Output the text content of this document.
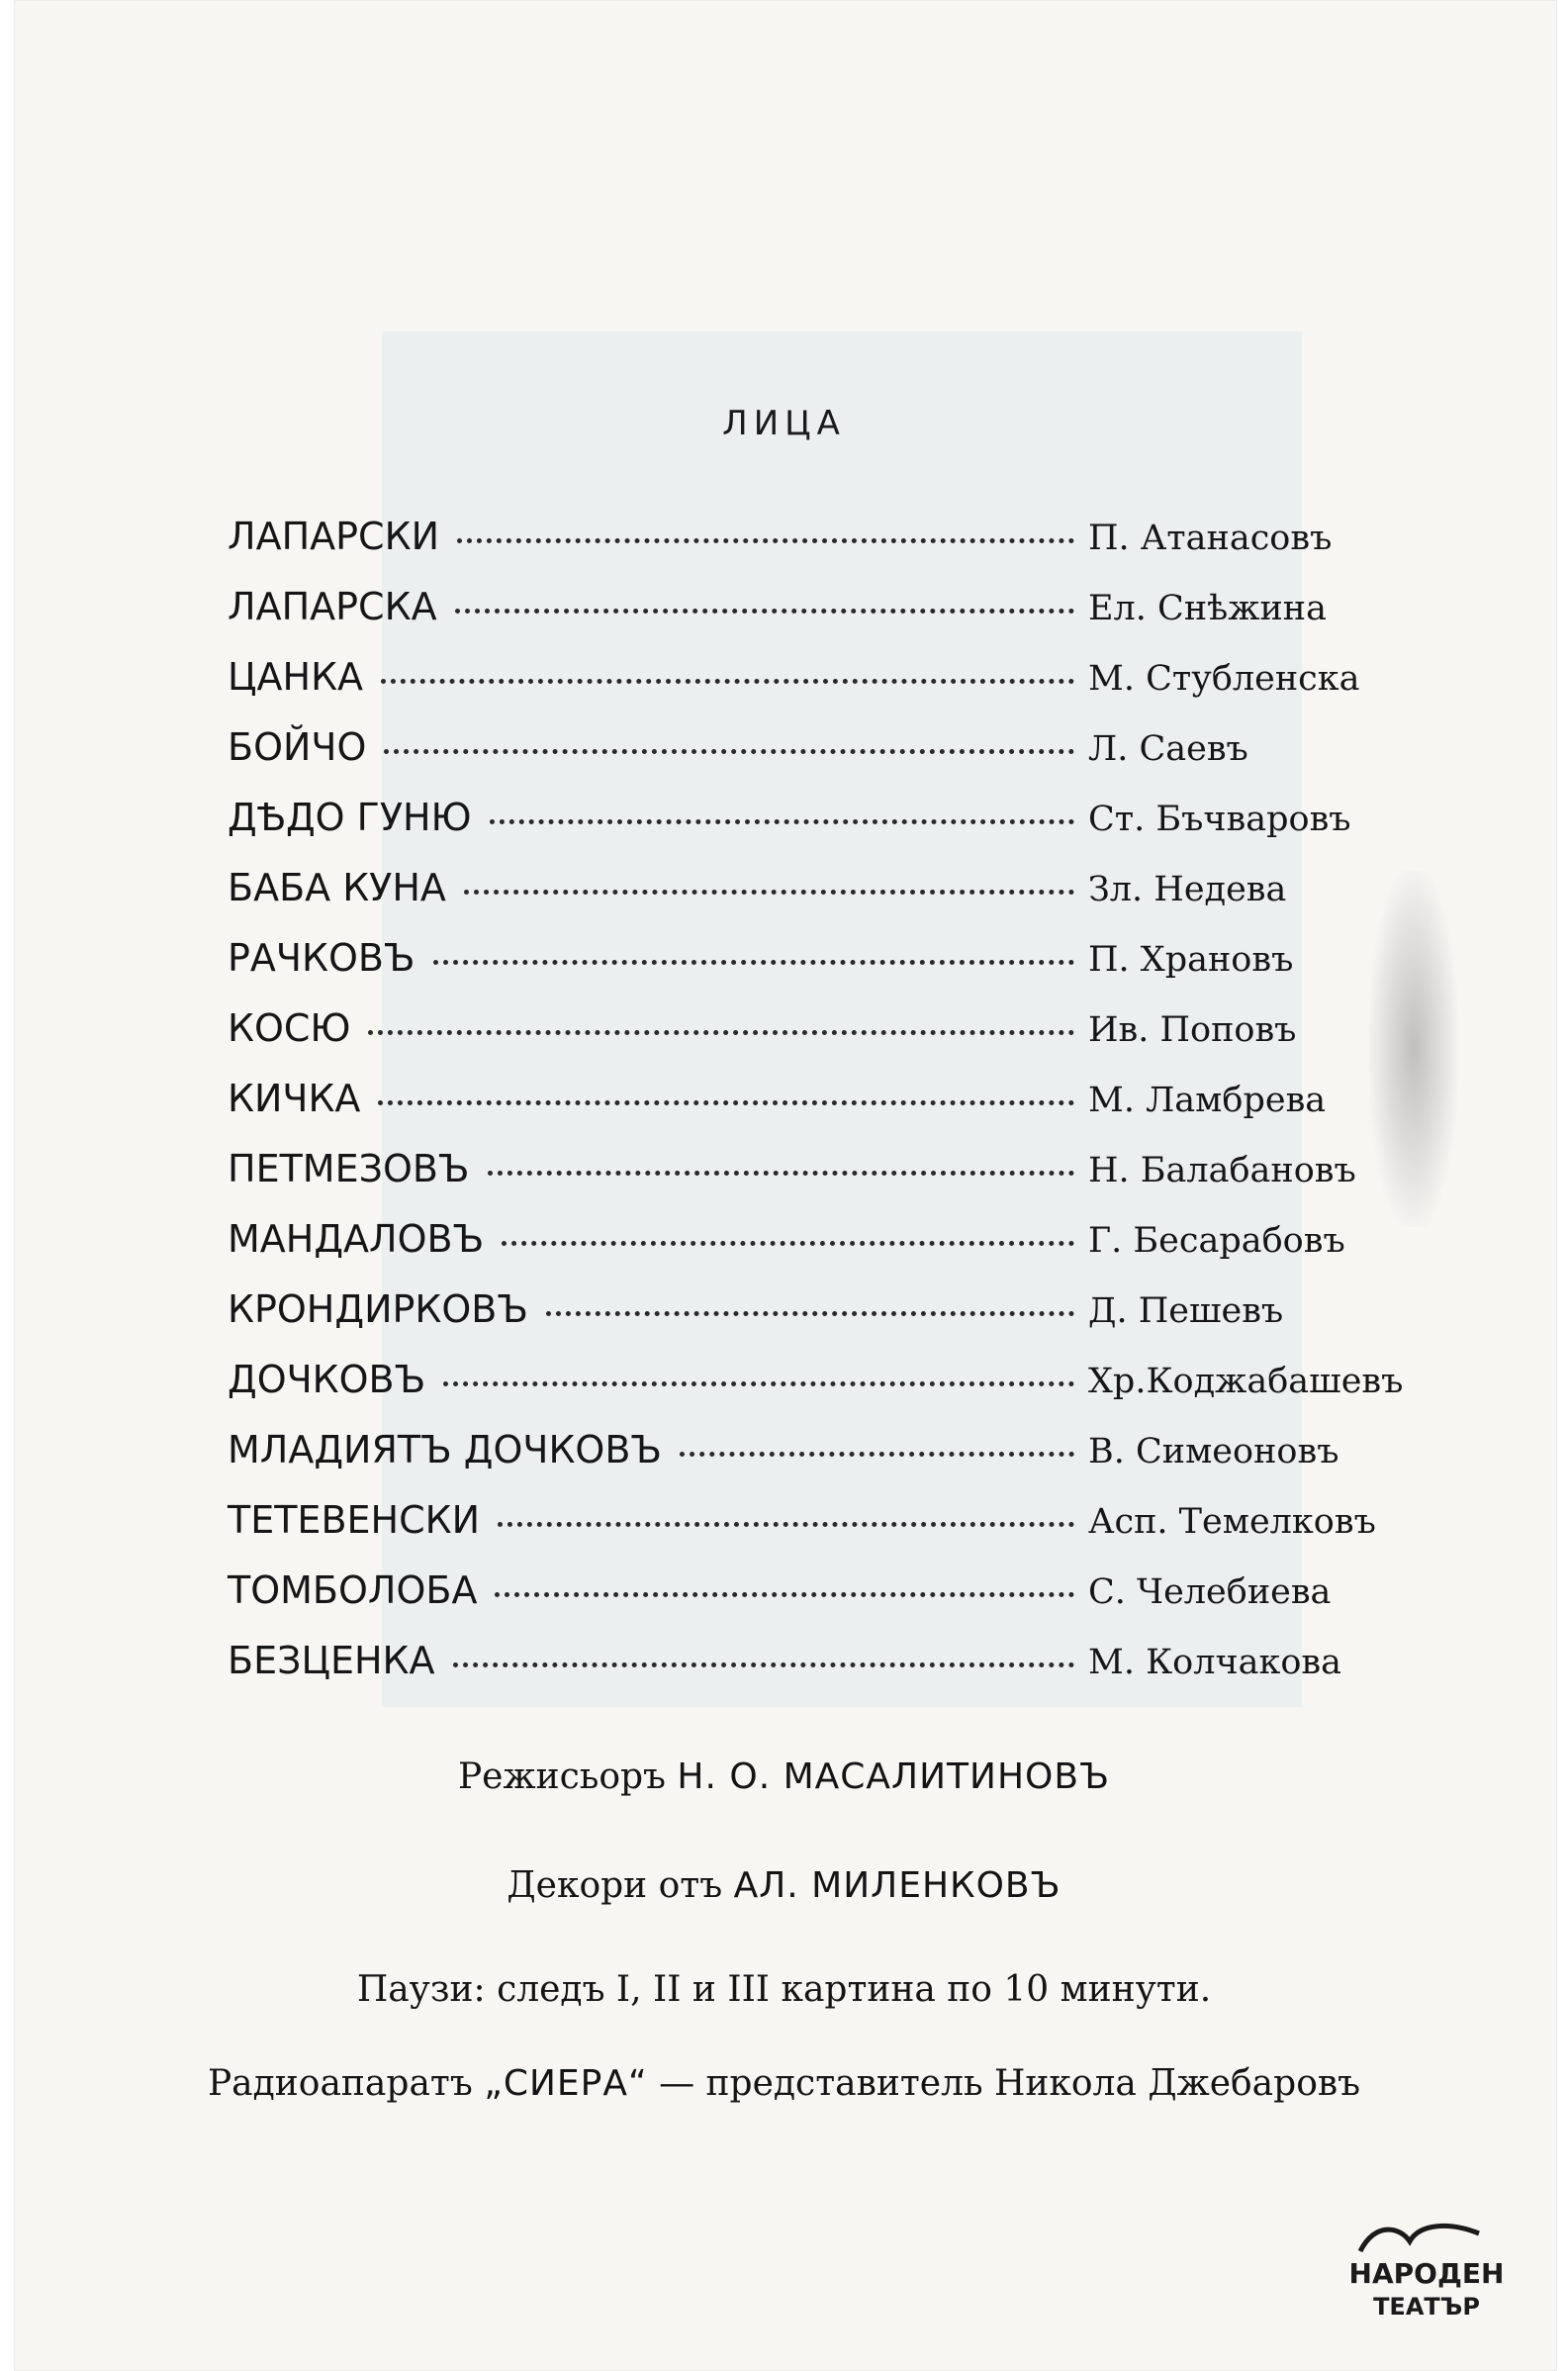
ЛИЦА
ЛАПАРСКИ	П. Атанасовъ
ЛАПАРСКА	Ел. Снѣжина
ЦАНКА	М. Стубленска
БОЙЧО	Л. Саевъ
ДѢДО ГУНЮ	Ст. Бъчваровъ
БАБА КУНА	Зл. Недева
РАЧКОВЪ	П. Храновъ
КОСЮ	Ив. Поповъ
КИЧКА	М. Ламбрева
ПЕТМЕЗОВЪ	Н. Балабановъ
МАНДАЛОВЪ	Г. Бесарабовъ
КРОНДИРКОВЪ	Д. Пешевъ
ДОЧКОВЪ	Хр.Коджабашевъ
МЛАДИЯТЪ ДОЧКОВЪ	В. Симеоновъ
ТЕТЕВЕНСКИ	Асп. Темелковъ
ТОМБОЛОБА	С. Челебиева
БЕЗЦЕНКА	М. Колчакова
Режисьоръ Н. О. МАСАЛИТИНОВЪ
Декори отъ АЛ. МИЛЕНКОВЪ
Паузи: следъ I, II и III картина по 10 минути.
Радиоапаратъ „СИЕРА“ — представитель Никола Джебаровъ
НАРОДЕН
ТЕАТЪР
